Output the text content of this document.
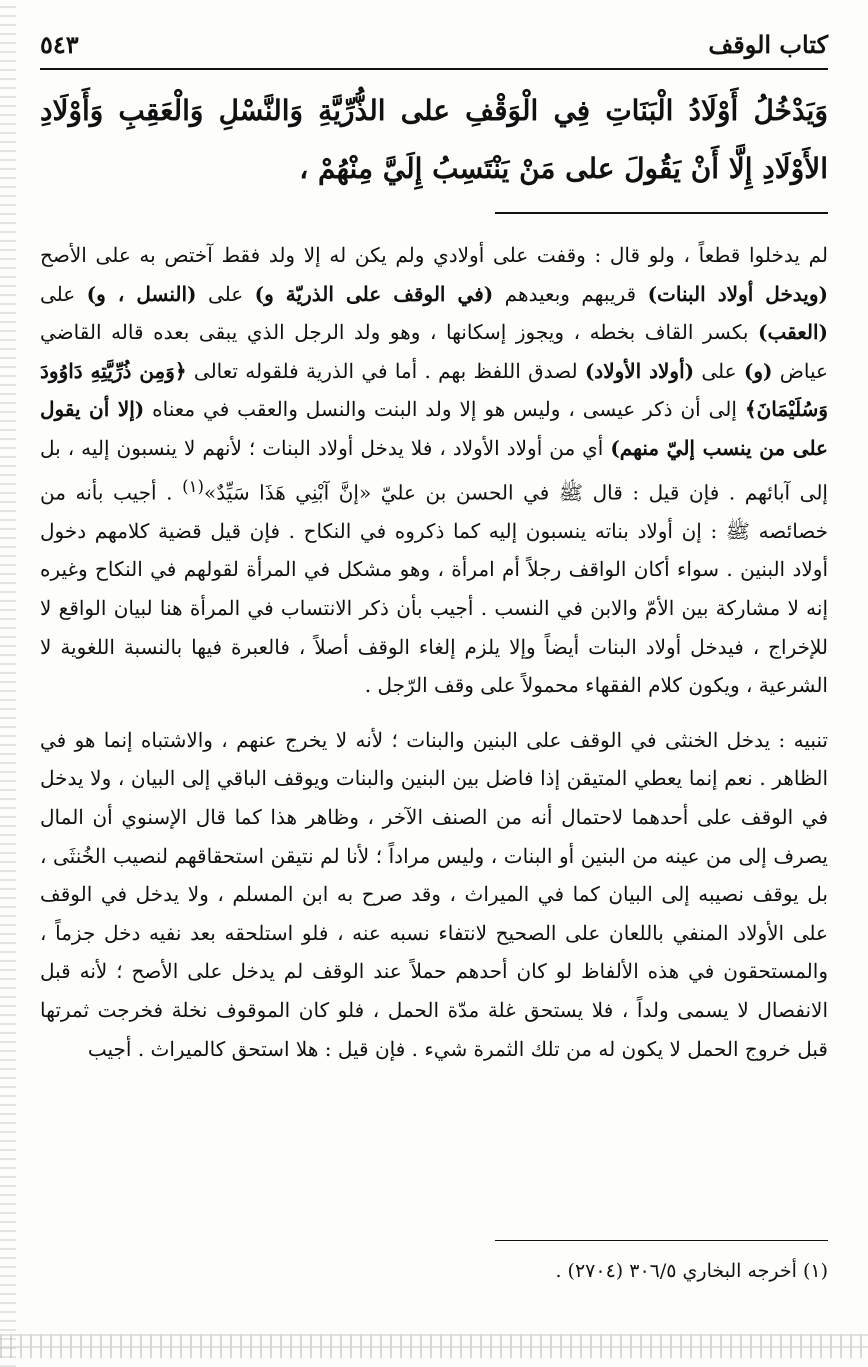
كتاب الوقف
٥٤٣
وَيَدْخُلُ أَوْلَادُ الْبَنَاتِ فِي الْوَقْفِ على الذُّرِّيَّةِ وَالنَّسْلِ وَالْعَقِبِ وَأَوْلَادِ الأَوْلَادِ إِلَّا أَنْ يَقُولَ على مَنْ يَنْتَسِبُ إِلَيَّ مِنْهُمْ ،

لم يدخلوا قطعاً ، ولو قال : وقفت على أولادي ولم يكن له إلا ولد فقط آختص به على الأصح (ويدخل أولاد البنات) قريبهم وبعيدهم (في الوقف على الذريّة و) على (النسل ، و) على (العقب) بكسر القاف بخطه ، ويجوز إسكانها ، وهو ولد الرجل الذي يبقى بعده قاله القاضي عياض (و) على (أولاد الأولاد) لصدق اللفظ بهم . أما في الذرية فلقوله تعالى ﴿وَمِن ذُرِّيَّتِهِ دَاوُودَ وَسُلَيْمَانَ﴾ إلى أن ذكر عيسى ، وليس هو إلا ولد البنت والنسل والعقب في معناه (إلا أن يقول على من ينسب إليّ منهم) أي من أولاد الأولاد ، فلا يدخل أولاد البنات ؛ لأنهم لا ينسبون إليه ، بل إلى آبائهم . فإن قيل : قال ﷺ في الحسن بن عليّ «إنَّ آبْنِي هَذَا سَيِّدٌ»$^{(١)}$ . أجيب بأنه من خصائصه ﷺ : إن أولاد بناته ينسبون إليه كما ذكروه في النكاح . فإن قيل قضية كلامهم دخول أولاد البنين . سواء أكان الواقف رجلاً أم امرأة ، وهو مشكل في المرأة لقولهم في النكاح وغيره إنه لا مشاركة بين الأمّ والابن في النسب . أجيب بأن ذكر الانتساب في المرأة هنا لبيان الواقع لا للإخراج ، فيدخل أولاد البنات أيضاً وإلا يلزم إلغاء الوقف أصلاً ، فالعبرة فيها بالنسبة اللغوية لا الشرعية ، ويكون كلام الفقهاء محمولاً على وقف الرّجل .

تنبيه : يدخل الخنثى في الوقف على البنين والبنات ؛ لأنه لا يخرج عنهم ، والاشتباه إنما هو في الظاهر . نعم إنما يعطي المتيقن إذا فاضل بين البنين والبنات ويوقف الباقي إلى البيان ، ولا يدخل في الوقف على أحدهما لاحتمال أنه من الصنف الآخر ، وظاهر هذا كما قال الإسنوي أن المال يصرف إلى من عينه من البنين أو البنات ، وليس مراداً ؛ لأنا لم نتيقن استحقاقهم لنصيب الخُنثَى ، بل يوقف نصيبه إلى البيان كما في الميراث ، وقد صرح به ابن المسلم ، ولا يدخل في الوقف على الأولاد المنفي باللعان على الصحيح لانتفاء نسبه عنه ، فلو استلحقه بعد نفيه دخل جزماً ، والمستحقون في هذه الألفاظ لو كان أحدهم حملاً عند الوقف لم يدخل على الأصح ؛ لأنه قبل الانفصال لا يسمى ولداً ، فلا يستحق غلة مدّة الحمل ، فلو كان الموقوف نخلة فخرجت ثمرتها قبل خروج الحمل لا يكون له من تلك الثمرة شيء . فإن قيل : هلا استحق كالميراث . أجيب

(١) أخرجه البخاري ٣٠٦/٥ (٢٧٠٤) .
